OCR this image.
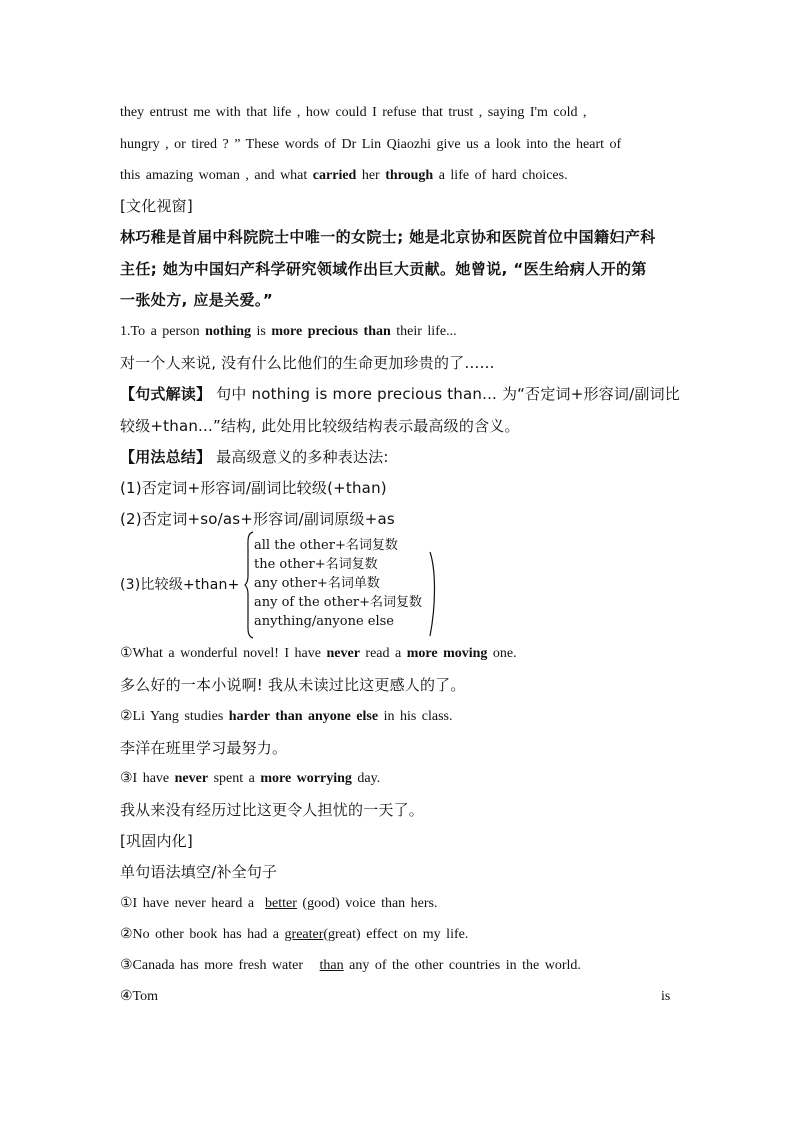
they entrust me with that life , how could I refuse that trust , saying I'm cold ,
hungry , or tired ? ” These words of Dr Lin Qiaozhi give us a look into the heart of
this amazing woman , and what carried her through a life of hard choices.
[文化视窗]
林巧稚是首届中科院院士中唯一的女院士; 她是北京协和医院首位中国籍妇产科
主任; 她为中国妇产科学研究领域作出巨大贡献。她曾说, “医生给病人开的第
一张处方, 应是关爱。”
1.To a person nothing is more precious than their life...
对一个人来说, 没有什么比他们的生命更加珍贵的了……
【句式解读】 句中 nothing is more precious than... 为“否定词+形容词/副词比
较级+than...”结构, 此处用比较级结构表示最高级的含义。
【用法总结】 最高级意义的多种表达法:
(1)否定词+形容词/副词比较级(+than)
(2)否定词+so/as+形容词/副词原级+as
(3)比较级+than+
all the other+名词复数
the other+名词复数
any other+名词单数
any of the other+名词复数
anything/anyone else
①What a wonderful novel! I have never read a more moving one.
多么好的一本小说啊! 我从未读过比这更感人的了。
②Li Yang studies harder than anyone else in his class.
李洋在班里学习最努力。
③I have never spent a more worrying day.
我从来没有经历过比这更令人担忧的一天了。
[巩固内化]
单句语法填空/补全句子
①I have never heard a  better (good) voice than hers.
②No other book has had a greater(great) effect on my life.
③Canada has more fresh water   than any of the other countries in the world.
④Tom	is
